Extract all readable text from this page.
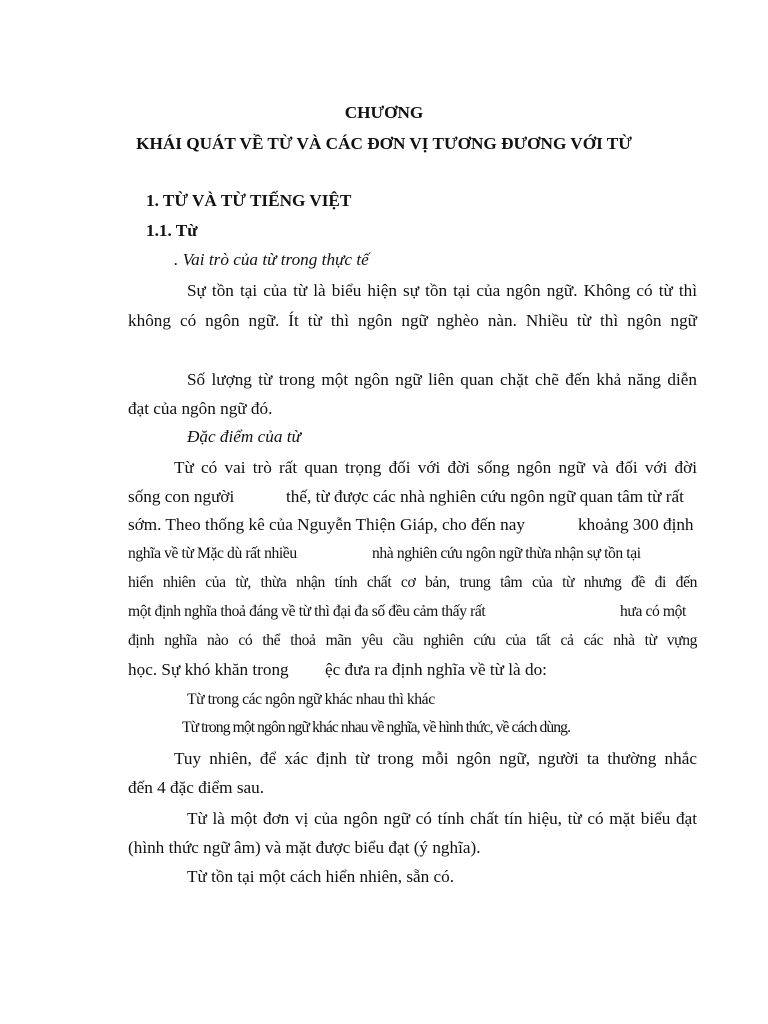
CHƯƠNG
KHÁI QUÁT VỀ TỪ VÀ CÁC ĐƠN VỊ TƯƠNG ĐƯƠNG VỚI TỪ
1. TỪ VÀ TỪ TIẾNG VIỆT
1.1. Từ
. Vai trò của từ trong thực tế
Sự tồn tại của từ là biểu hiện sự tồn tại của ngôn ngữ. Không có từ thì
không có ngôn ngữ. Ít từ thì ngôn ngữ nghèo nàn. Nhiều từ thì ngôn ngữ
Số lượng từ trong một ngôn ngữ liên quan chặt chẽ đến khả năng diễn
đạt của ngôn ngữ đó.
Đặc điểm của từ
Từ có vai trò rất quan trọng đối với đời sống ngôn ngữ và đối với đời
sống con người	thế, từ được các nhà nghiên cứu ngôn ngữ quan tâm từ rất
sớm. Theo thống kê của Nguyễn Thiện Giáp, cho đến nay	khoảng 300 định
nghĩa về từ Mặc dù rất nhiều	nhà nghiên cứu ngôn ngữ thừa nhận sự tồn tại
hiển nhiên của từ, thừa nhận tính chất cơ bản, trung tâm của từ nhưng đề đi đến
một định nghĩa thoả đáng về từ thì đại đa số đều cảm thấy rất	hưa có một
định nghĩa nào có thể thoả mãn yêu cầu nghiên cứu của tất cả các nhà từ vựng
học. Sự khó khăn trong ệc đưa ra định nghĩa về từ là do:
Từ trong các ngôn ngữ khác nhau thì khác
Từ trong một ngôn ngữ khác nhau về nghĩa, về hình thức, về cách dùng.
Tuy nhiên, để xác định từ trong mỗi ngôn ngữ, người ta thường nhắc
đến 4 đặc điểm sau.
Từ là một đơn vị của ngôn ngữ có tính chất tín hiệu, từ có mặt biểu đạt
(hình thức ngữ âm) và mặt được biểu đạt (ý nghĩa).
Từ tồn tại một cách hiển nhiên, sẵn có.
